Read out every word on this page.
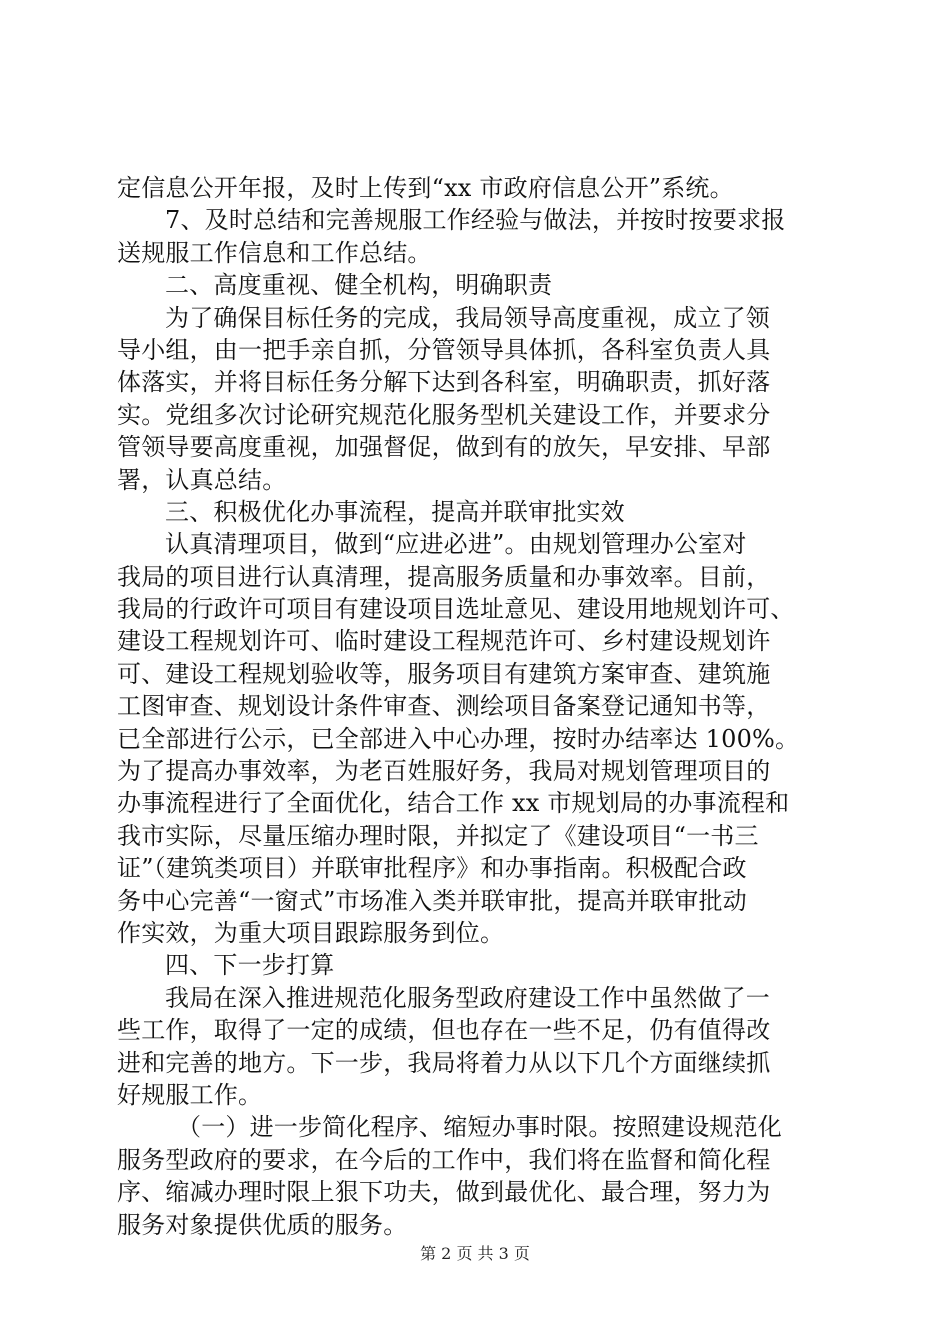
定信息公开年报，及时上传到“xx 市政府信息公开”系统。
7、及时总结和完善规服工作经验与做法，并按时按要求报
送规服工作信息和工作总结。
二、高度重视、健全机构，明确职责
为了确保目标任务的完成，我局领导高度重视，成立了领
导小组，由一把手亲自抓，分管领导具体抓，各科室负责人具
体落实，并将目标任务分解下达到各科室，明确职责，抓好落
实。党组多次讨论研究规范化服务型机关建设工作，并要求分
管领导要高度重视，加强督促，做到有的放矢，早安排、早部
署，认真总结。
三、积极优化办事流程，提高并联审批实效
认真清理项目，做到“应进必进”。由规划管理办公室对
我局的项目进行认真清理，提高服务质量和办事效率。目前，
我局的行政许可项目有建设项目选址意见、建设用地规划许可、
建设工程规划许可、临时建设工程规范许可、乡村建设规划许
可、建设工程规划验收等，服务项目有建筑方案审查、建筑施
工图审查、规划设计条件审查、测绘项目备案登记通知书等，
已全部进行公示，已全部进入中心办理，按时办结率达 100%。
为了提高办事效率，为老百姓服好务，我局对规划管理项目的
办事流程进行了全面优化，结合工作 xx 市规划局的办事流程和
我市实际，尽量压缩办理时限，并拟定了《建设项目“一书三
证”（建筑类项目）并联审批程序》和办事指南。积极配合政
务中心完善“一窗式”市场准入类并联审批，提高并联审批动
作实效，为重大项目跟踪服务到位。
四、下一步打算
我局在深入推进规范化服务型政府建设工作中虽然做了一
些工作，取得了一定的成绩，但也存在一些不足，仍有值得改
进和完善的地方。下一步，我局将着力从以下几个方面继续抓
好规服工作。
（一）进一步简化程序、缩短办事时限。按照建设规范化
服务型政府的要求，在今后的工作中，我们将在监督和简化程
序、缩减办理时限上狠下功夫，做到最优化、最合理，努力为
服务对象提供优质的服务。
第 2 页 共 3 页
